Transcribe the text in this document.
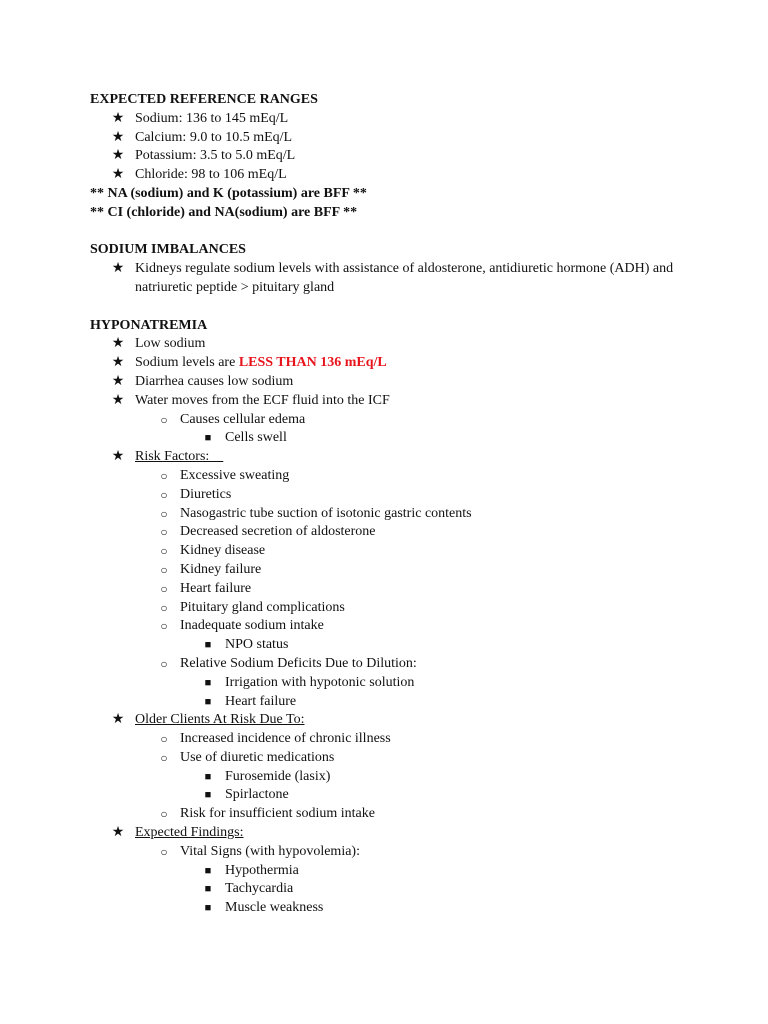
EXPECTED REFERENCE RANGES
★ Sodium: 136 to 145 mEq/L
★ Calcium: 9.0 to 10.5 mEq/L
★ Potassium: 3.5 to 5.0 mEq/L
★ Chloride: 98 to 106 mEq/L
** NA (sodium) and K (potassium) are BFF **
** CI (chloride) and NA(sodium) are BFF **
SODIUM IMBALANCES
★ Kidneys regulate sodium levels with assistance of aldosterone, antidiuretic hormone (ADH) and natriuretic peptide > pituitary gland
HYPONATREMIA
★ Low sodium
★ Sodium levels are LESS THAN 136 mEq/L
★ Diarrhea causes low sodium
★ Water moves from the ECF fluid into the ICF
○ Causes cellular edema
■ Cells swell
★ Risk Factors:
○ Excessive sweating
○ Diuretics
○ Nasogastric tube suction of isotonic gastric contents
○ Decreased secretion of aldosterone
○ Kidney disease
○ Kidney failure
○ Heart failure
○ Pituitary gland complications
○ Inadequate sodium intake
■ NPO status
○ Relative Sodium Deficits Due to Dilution:
■ Irrigation with hypotonic solution
■ Heart failure
★ Older Clients At Risk Due To:
○ Increased incidence of chronic illness
○ Use of diuretic medications
■ Furosemide (lasix)
■ Spirlactone
○ Risk for insufficient sodium intake
★ Expected Findings:
○ Vital Signs (with hypovolemia):
■ Hypothermia
■ Tachycardia
■ Muscle weakness
